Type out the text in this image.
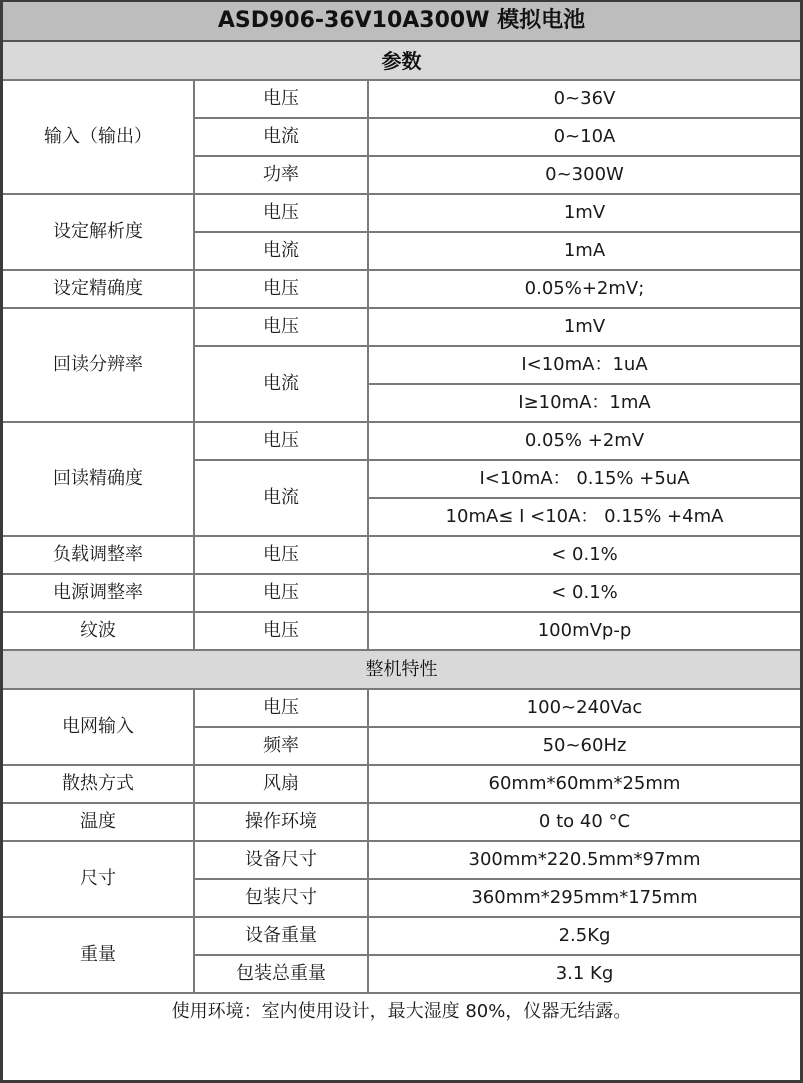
ASD906-36V10A300W 模拟电池		
参数		
输入（输出）	电压	0~36V
	电流	0~10A
	功率	0~300W
设定解析度	电压	1mV
	电流	1mA
设定精确度	电压	0.05%+2mV;
回读分辨率	电压	1mV
	电流	I<10mA：1uA
		I≥10mA：1mA
回读精确度	电压	0.05% +2mV
	电流	I<10mA： 0.15% +5uA
		10mA≤ I <10A： 0.15% +4mA
负载调整率	电压	< 0.1%
电源调整率	电压	< 0.1%
纹波	电压	100mVp-p
整机特性		
电网输入	电压	100~240Vac
	频率	50~60Hz
散热方式	风扇	60mm*60mm*25mm
温度	操作环境	0 to 40 °C
尺寸	设备尺寸	300mm*220.5mm*97mm
	包装尺寸	360mm*295mm*175mm
重量	设备重量	2.5Kg
	包装总重量	3.1 Kg
使用环境：室内使用设计，最大湿度 80%，仪器无结露。		
